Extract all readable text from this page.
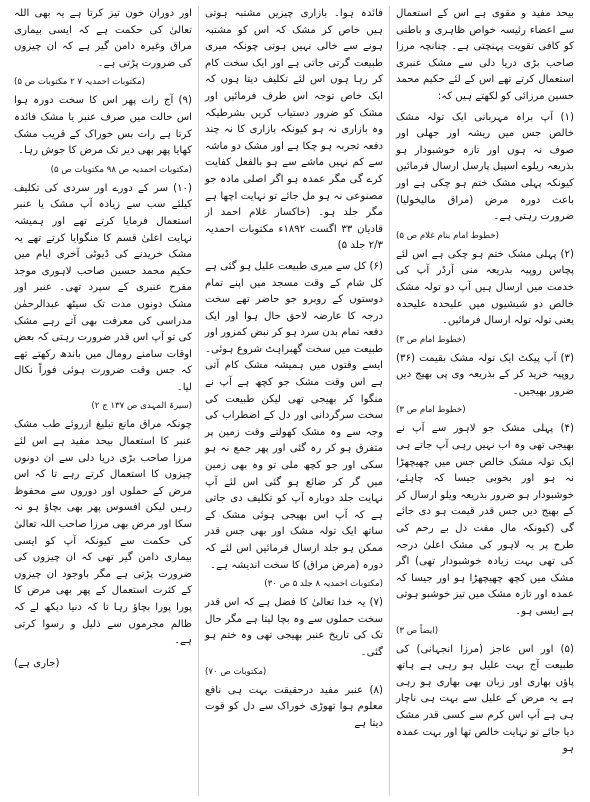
بیحد مفید و مقوی ہے اس کے استعمال سے اعضاء رئیسہ خواص ظاہری و باطنی کو کافی تقویت پہنچتی ہے۔ چنانچہ مرزا صاحب بڑی دریا دلی سے مشک عنبری استعمال کرتے تھے اس کے لئے حکیم محمد حسین مرزائی کو لکھتے ہیں کہ:

(۱) آپ براہ مہربانی ایک تولہ مشک خالص جس میں ریشہ اور جھلی اور صوف نہ ہوں اور تازہ خوشبودار ہو بذریعہ ریلوے اسپیل پارسل ارسال فرمائیں کیونکہ پہلی مشک ختم ہو چکی ہے اور باعث دورہ مرض (مراق مالیخولیا) ضرورت رہتی ہے۔

(خطوط امام بنام غلام ص ۵)

(۲) پہلی مشک ختم ہو چکی ہے اس لئے پچاس روپیہ بذریعہ منی آرڈر آپ کی خدمت میں ارسال ہیں آپ دو تولہ مشک خالص دو شیشیوں میں علیحدہ علیحدہ یعنی تولہ تولہ ارسال فرمائیں۔

(خطوط امام ص ۳)

(۳) آپ پیکٹ ایک تولہ مشک بقیمت (۳۶) روپیہ خرید کر کے بذریعہ وی پی بھیج دیں ضرور بھیجیں۔

(خطوط امام ص ۳)

(۴) پہلی مشک جو لاہور سے آپ نے بھیجی تھی وہ اب نہیں رہی آپ جاتے ہی ایک تولہ مشک خالص جس میں چھیچھڑا نہ ہو اور بخوبی جیسا کہ چاہئے، خوشبودار ہو ضرور بذریعہ ویلو ارسال کر کے بھیج دیں جس قدر قیمت ہو دی جائے گی (کیونکہ مال مفت دل بے رحم کی طرح پر یہ لاہور کی مشک اعلیٰ درجہ کی تھی بہت زیادہ خوشبودار تھی) اگر مشک میں کچھ چھیچھڑا ہو اور جیسا کہ عمدہ اور تازہ مشک میں تیز خوشبو ہوتی ہے ایسی ہو۔

(ایضاً ص ۳)

(۵) اور اس عاجز (مرزا انجہانی) کی طبیعت آج بہت علیل ہو رہی ہے ہاتھ پاؤں بھاری اور زبان بھی بھاری ہو رہی ہے یہ مرض کے علیل سے بہت ہی ناچار ہی ہے آپ اس کرم سے کسی قدر مشک دیا جائے تو نہایت خالص تھا اور بہت عمدہ ہو

فائدہ ہوا۔ بازاری چیزیں مشتبہ ہوتی ہیں خاص کر مشک کہ اس کو مشتبہ ہونے سے خالی نہیں ہوتی چونکہ میری طبیعت گرتی جاتی ہے اور ایک سخت کام کر رہا ہوں اس لئے تکلیف دیتا ہوں کہ ایک خاص توجہ اس طرف فرمائیں اور مشک کو ضرور دستیاب کریں بشرطیکہ وہ بازاری نہ ہو کیونکہ بازاری کا نہ چند دفعہ تجربہ ہو چکا ہے اور مشک دو ماشہ سے کم نہیں ماشے سے ہو بالفعل کفایت کرے گی مگر عمدہ ہو اگر اصلی مادہ جو مصنوعی نہ ہو مل جائے تو نہایت اچھا ہے مگر جلد ہو۔ (خاکسار غلام احمد از قادیان ۳۳ اگست ۱۸۹۲ء مکتوبات احمدیہ ۲/۳ جلد ۵)

(۶) کل سے میری طبیعت علیل ہو گئی ہے کل شام کے وقت مسجد میں اپنے تمام دوستوں کے روبرو جو حاضر تھے سخت درجہ کا عارضہ لاحق حال ہوا اور ایک دفعہ تمام بدن سرد ہو کر نبض کمزور اور طبیعت میں سخت گھبراہٹ شروع ہوئی۔ ایسے وقتوں میں ہمیشہ مشک کام آتی ہے اس وقت مشک جو کچھ ہے آپ نے منگوا کر بھیجی تھی لیکن طبیعت کی سخت سرگردانی اور دل کے اضطراب کی وجہ سے وہ مشک کھولتے وقت زمین پر متفرق ہو کر رہ گئی اور پھر جمع نہ ہو سکی اور جو کچھ ملی تو وہ بھی زمین میں گر کر ضائع ہو گئی اس لئے آپ نہایت جلد دوبارہ آپ کو تکلیف دی جاتی ہے کہ آپ اس بھیجی ہوئی مشک کے ساتھ ایک تولہ مشک اور بھی جس قدر ممکن ہو جلد ارسال فرمائیں اس لئے کہ دورہ (مرض مراق) کا سخت اندیشہ ہے۔

(مکتوبات احمدیہ ۸ جلد ۵ ص ۳۰)

(۷) یہ خدا تعالیٰ کا فضل ہے کہ اس قدر سخت حملوں سے وہ بچا لیتا ہے مگر حال تک کی تاریخ عنبر بھیجی تھی وہ ختم ہو گئی۔

(مکتوبات ص ۷۰)

(۸) عنبر مفید درحقیقت بہت ہی نافع معلوم ہوا تھوڑی خوراک سے دل کو قوت دیتا ہے

اور دوران خون تیز کرتا ہے یہ بھی اللہ تعالیٰ کی حکمت ہے کہ ایسی بیماری مراق وغیرہ دامن گیر ہے کہ ان چیزوں کی ضرورت پڑتی ہے۔

(مکتوبات احمدیہ ۷ ۲ مکتوبات ص ۵)

(۹) آج رات پھر اس کا سخت دورہ ہوا اس حالت میں صرف عنبر یا مشک فائدہ کرتا ہے رات بس خوراک کے قریب مشک کھایا پھر بھی دیر تک مرض کا جوش رہا۔

(مکتوبات احمدیہ ص ۹۸ مکتوبات ص ۵)

(۱۰) سر کے دورے اور سردی کی تکلیف کیلئے سب سے زیادہ آپ مشک یا عنبر استعمال فرمایا کرتے تھے اور ہمیشہ نہایت اعلیٰ قسم کا منگوایا کرتے تھے یہ مشک خریدنے کی ڈیوٹی آخری ایام میں حکیم محمد حسین صاحب لاہوری موجد مفرح عنبری کے سپرد تھی۔ عنبر اور مشک دونوں مدت تک سیٹھ عبدالرحمٰن مدراسی کی معرفت بھی آتے رہے مشک کی تو آپ اس قدر ضرورت رہتی کہ بعض اوقات سامنے رومال میں باندھ رکھتے تھے کہ جس وقت ضرورت ہوئی فوراً نکال لیا۔

(سیرۃ المہدی ص ۱۳۷ ج ۲)

چونکہ مراق مانع تبلیغ ازروئے طب مشک عنبر کا استعمال بیحد مفید ہے اس لئے مرزا صاحب بڑی دریا دلی سے ان دونوں چیزوں کا استعمال کرتے رہے تا کہ اس مرض کے حملوں اور دوروں سے محفوظ رہیں لیکن افسوس پھر بھی بچاؤ ہو نہ سکا اور مرض بھی مرزا صاحب اللہ تعالیٰ کی حکمت سے کیونکہ آپ کو ایسی بیماری دامن گیر تھی کہ ان چیزوں کی ضرورت پڑتی ہے مگر باوجود ان چیزوں کے کثرت استعمال کے پھر بھی مرض کا پورا پورا بچاؤ رہا تا کہ دنیا دیکھ لے کہ ظالم مجرموں سے ذلیل و رسوا کرتی ہے۔

(جاری ہے)
